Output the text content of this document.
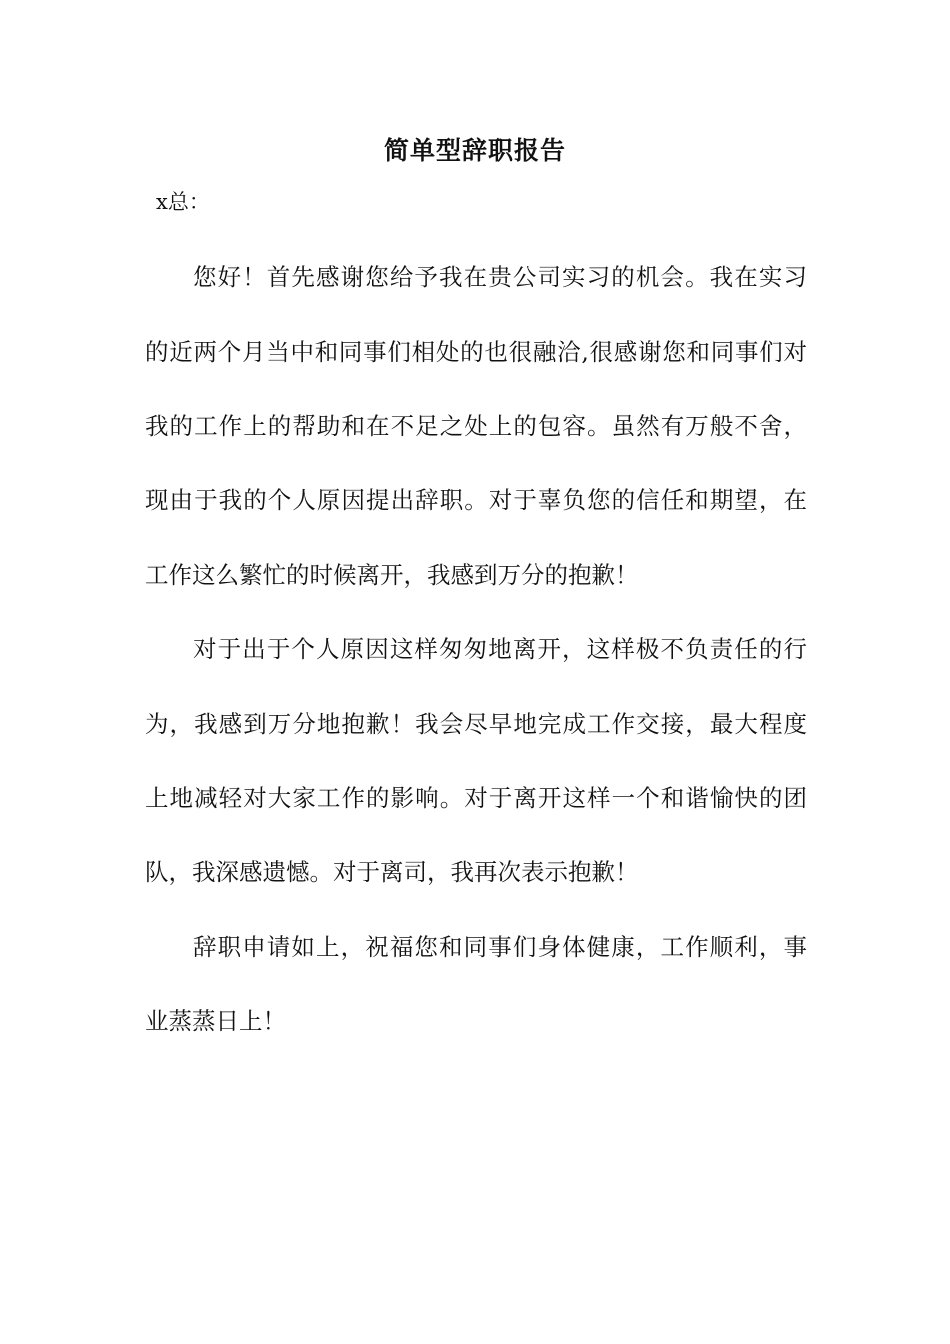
简单型辞职报告
x总：
您好！首先感谢您给予我在贵公司实习的机会。我在实习
的近两个月当中和同事们相处的也很融洽,很感谢您和同事们对
我的工作上的帮助和在不足之处上的包容。虽然有万般不舍，
现由于我的个人原因提出辞职。对于辜负您的信任和期望，在
工作这么繁忙的时候离开，我感到万分的抱歉！
对于出于个人原因这样匆匆地离开，这样极不负责任的行
为，我感到万分地抱歉！我会尽早地完成工作交接，最大程度
上地减轻对大家工作的影响。对于离开这样一个和谐愉快的团
队，我深感遗憾。对于离司，我再次表示抱歉！
辞职申请如上，祝福您和同事们身体健康，工作顺利，事
业蒸蒸日上！
